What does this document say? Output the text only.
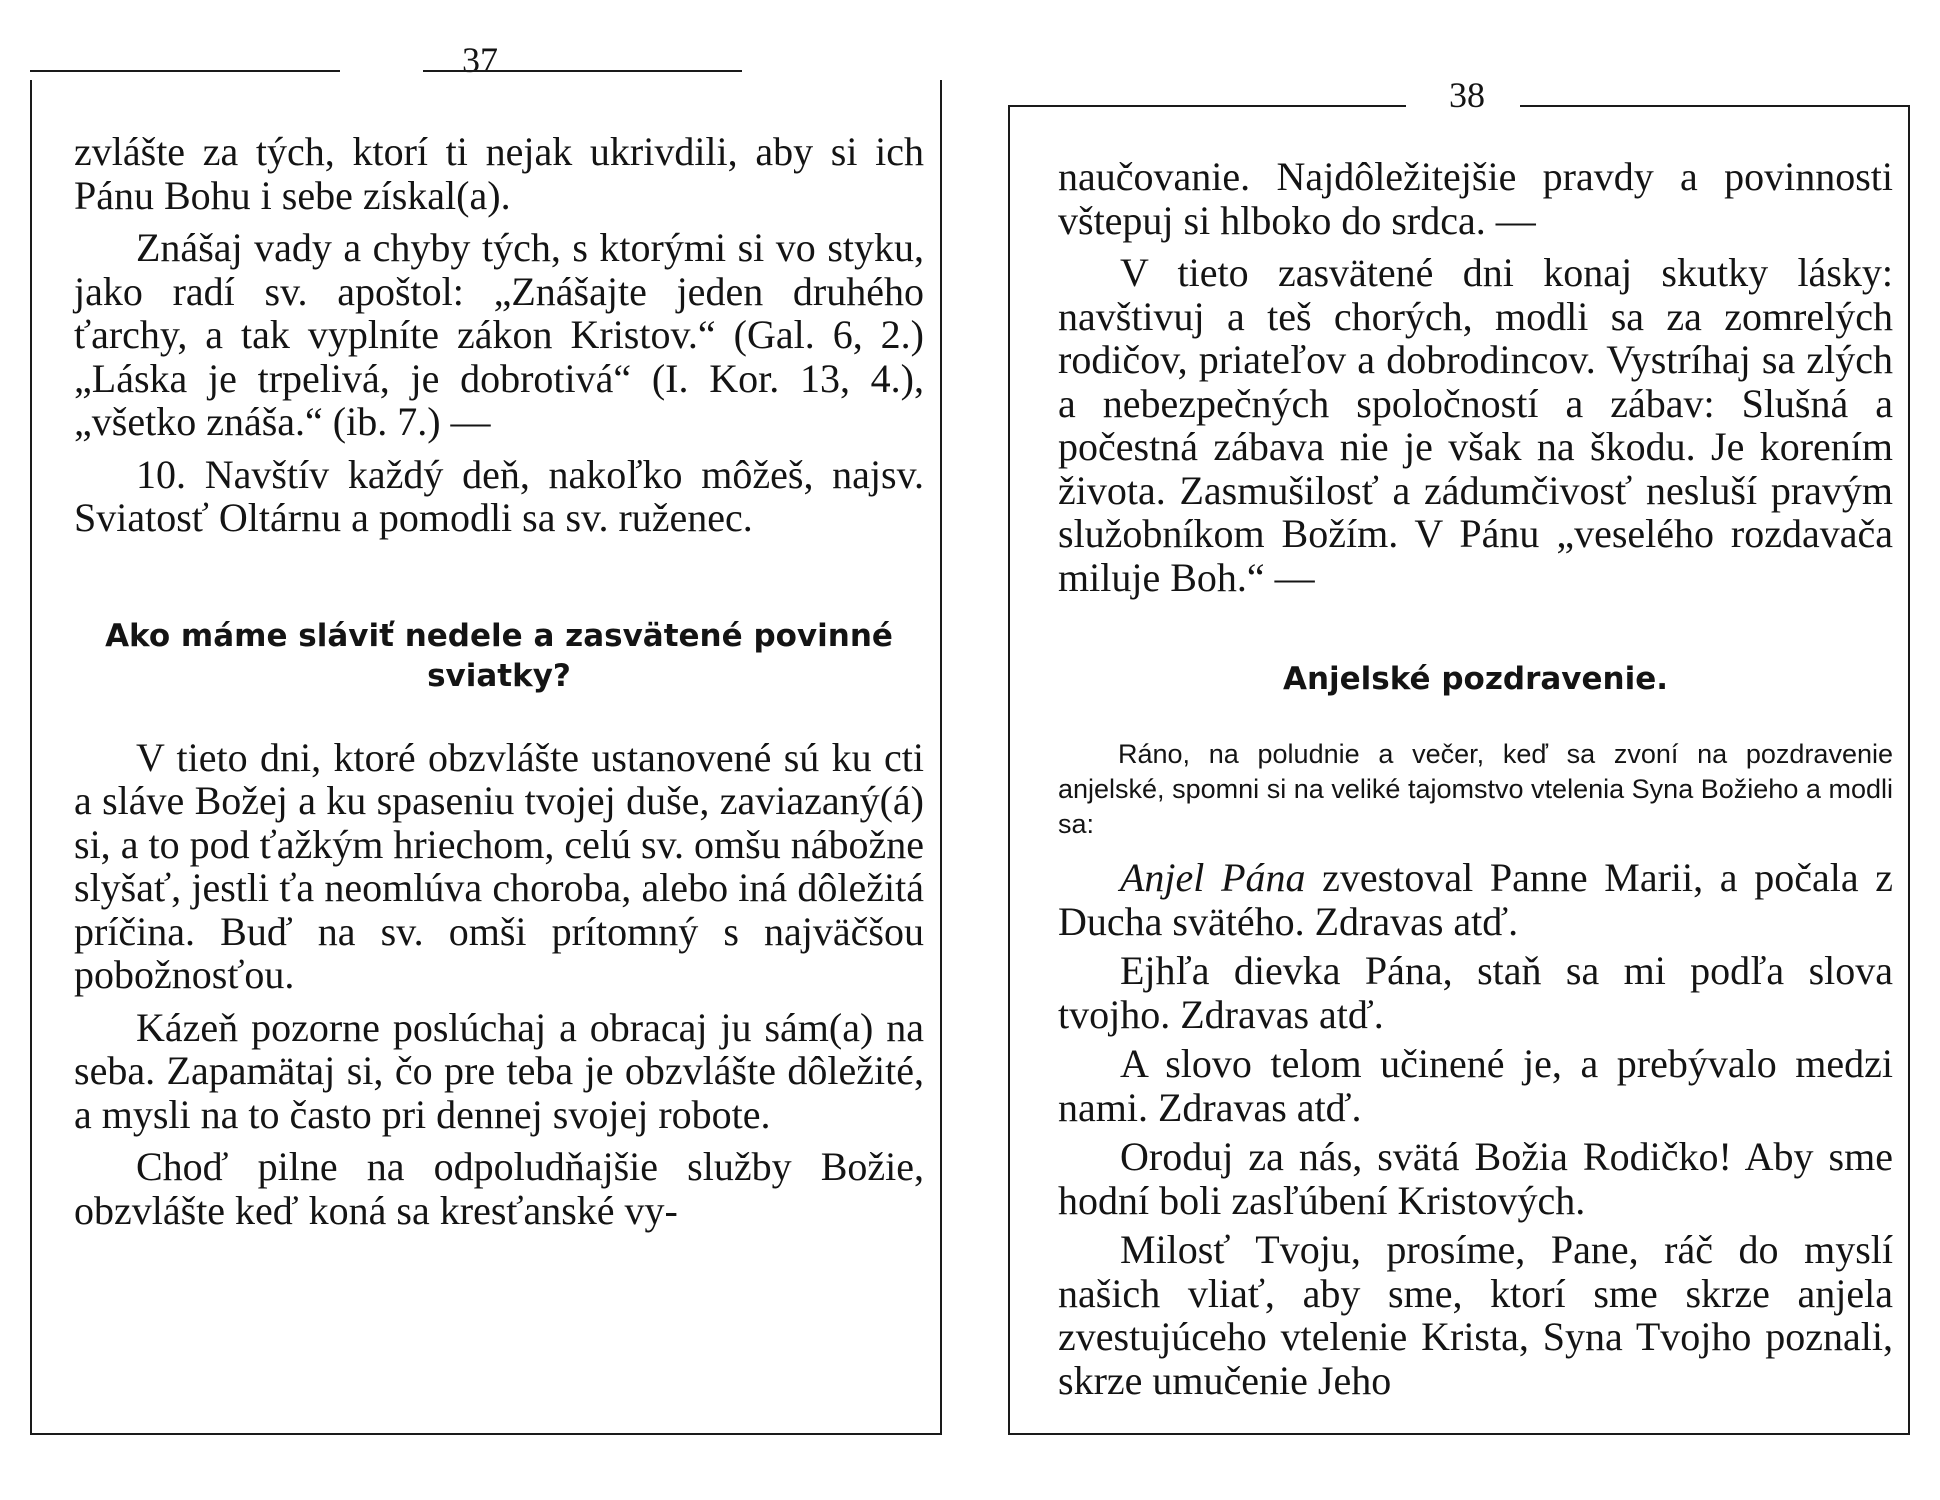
37

zvlášte za tých, ktorí ti nejak ukrivdili, aby si ich Pánu Bohu i sebe získal(a).

Znášaj vady a chyby tých, s ktorými si vo styku, jako radí sv. apoštol: „Znášajte jeden druhého ťarchy, a tak vyplníte zákon Kristov.“ (Gal. 6, 2.) „Láska je trpelivá, je dobrotivá“ (I. Kor. 13, 4.), „všetko znáša.“ (ib. 7.) —

10. Navštív každý deň, nakoľko môžeš, najsv. Sviatosť Oltárnu a pomodli sa sv. ruženec.

Ako máme sláviť nedele a zasvätené povinné sviatky?

V tieto dni, ktoré obzvlášte ustanovené sú ku cti a sláve Božej a ku spaseniu tvojej duše, zaviazaný(á) si, a to pod ťažkým hriechom, celú sv. omšu nábožne slyšať, jestli ťa neomlúva choroba, alebo iná dôležitá príčina. Buď na sv. omši prítomný s najväčšou pobožnosťou.

Kázeň pozorne poslúchaj a obracaj ju sám(a) na seba. Zapamätaj si, čo pre teba je obzvlášte dôležité, a mysli na to často pri dennej svojej robote.

Choď pilne na odpoludňajšie služby Božie, obzvlášte keď koná sa kresťanské vy-

38

naučovanie. Najdôležitejšie pravdy a povinnosti vštepuj si hlboko do srdca. —

V tieto zasvätené dni konaj skutky lásky: navštivuj a teš chorých, modli sa za zomrelých rodičov, priateľov a dobrodincov. Vystríhaj sa zlých a nebezpečných spoločností a zábav: Slušná a počestná zábava nie je však na škodu. Je korením života. Zasmušilosť a zádumčivosť nesluší pravým služobníkom Božím. V Pánu „veselého rozdavača miluje Boh.“ —

Anjelské pozdravenie.

Ráno, na poludnie a večer, keď sa zvoní na pozdravenie anjelské, spomni si na veliké tajomstvo vtelenia Syna Božieho a modli sa:

Anjel Pána zvestoval Panne Marii, a počala z Ducha svätého. Zdravas atď.

Ejhľa dievka Pána, staň sa mi podľa slova tvojho. Zdravas atď.

A slovo telom učinené je, a prebývalo medzi nami. Zdravas atď.

Oroduj za nás, svätá Božia Rodičko! Aby sme hodní boli zasľúbení Kristových.

Milosť Tvoju, prosíme, Pane, ráč do myslí našich vliať, aby sme, ktorí sme skrze anjela zvestujúceho vtelenie Krista, Syna Tvojho poznali, skrze umučenie Jeho
